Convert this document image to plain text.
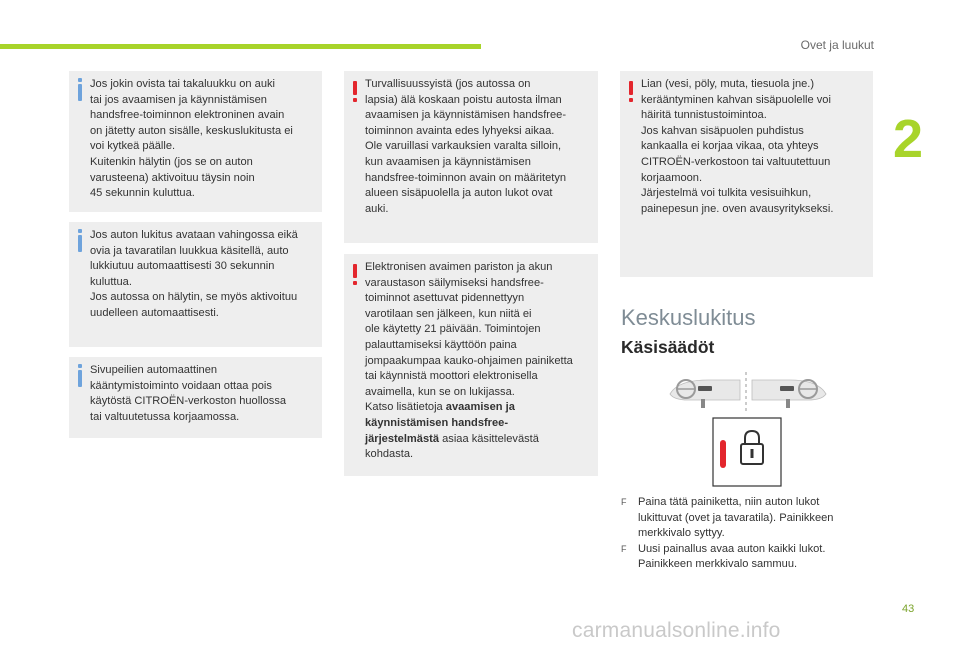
Ovet ja luukut
2

Jos jokin ovista tai takaluukku on auki
tai jos avaamisen ja käynnistämisen
handsfree-toiminnon elektroninen avain
on jätetty auton sisälle, keskuslukitusta ei
voi kytkeä päälle.
Kuitenkin hälytin (jos se on auton
varusteena) aktivoituu täysin noin
45 sekunnin kuluttua.

Jos auton lukitus avataan vahingossa eikä
ovia ja tavaratilan luukkua käsitellä, auto
lukkiutuu automaattisesti 30 sekunnin
kuluttua.
Jos autossa on hälytin, se myös aktivoituu
uudelleen automaattisesti.

Sivupeilien automaattinen
kääntymistoiminto voidaan ottaa pois
käytöstä CITROËN-verkoston huollossa
tai valtuutetussa korjaamossa.

Turvallisuussyistä (jos autossa on
lapsia) älä koskaan poistu autosta ilman
avaamisen ja käynnistämisen handsfree-
toiminnon avainta edes lyhyeksi aikaa.
Ole varuillasi varkauksien varalta silloin,
kun avaamisen ja käynnistämisen
handsfree-toiminnon avain on määritetyn
alueen sisäpuolella ja auton lukot ovat
auki.

Elektronisen avaimen pariston ja akun
varaustason säilymiseksi handsfree-
toiminnot asettuvat pidennettyyn
varotilaan sen jälkeen, kun niitä ei
ole käytetty 21 päivään. Toimintojen
palauttamiseksi käyttöön paina
jompaakumpaa kauko-ohjaimen painiketta
tai käynnistä moottori elektronisella
avaimella, kun se on lukijassa.
Katso lisätietoja avaamisen ja
käynnistämisen handsfree-
järjestelmästä asiaa käsittelevästä
kohdasta.

Lian (vesi, pöly, muta, tiesuola jne.)
kerääntyminen kahvan sisäpuolelle voi
häiritä tunnistustoimintoa.
Jos kahvan sisäpuolen puhdistus
kankaalla ei korjaa vikaa, ota yhteys
CITROËN-verkostoon tai valtuutettuun
korjaamoon.
Järjestelmä voi tulkita vesisuihkun,
painepesun jne. oven avausyritykseksi.

Keskuslukitus
Käsisäädöt
F Paina tätä painiketta, niin auton lukot
lukittuvat (ovet ja tavaratila). Painikkeen
merkkivalo syttyy.
F Uusi painallus avaa auton kaikki lukot.
Painikkeen merkkivalo sammuu.
43
carmanualsonline.info
